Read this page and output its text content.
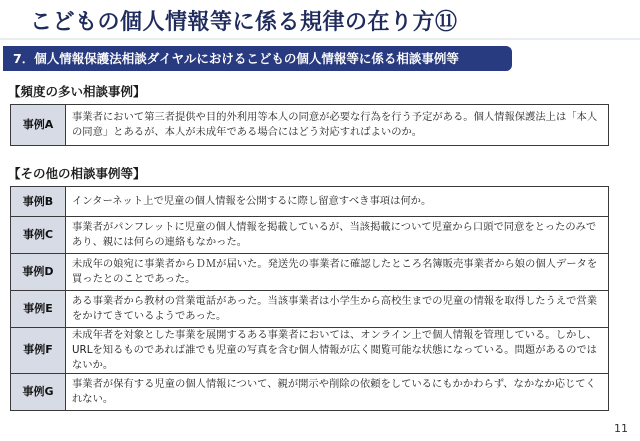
こどもの個人情報等に係る規律の在り方⑪
7．個人情報保護法相談ダイヤルにおけるこどもの個人情報等に係る相談事例等
【頻度の多い相談事例】
事例A	事業者において第三者提供や目的外利用等本人の同意が必要な行為を行う予定がある。個人情報保護法上は「本人の同意」とあるが、本人が未成年である場合にはどう対応すればよいのか。
【その他の相談事例等】
事例B	インターネット上で児童の個人情報を公開するに際し留意すべき事項は何か。
事例C	事業者がパンフレットに児童の個人情報を掲載しているが、当該掲載について児童から口頭で同意をとったのみであり、親には何らの連絡もなかった。
事例D	未成年の娘宛に事業者からＤＭが届いた。発送先の事業者に確認したところ名簿販売事業者から娘の個人データを買ったとのことであった。
事例E	ある事業者から教材の営業電話があった。当該事業者は小学生から高校生までの児童の情報を取得したうえで営業をかけてきているようであった。
事例F	未成年者を対象とした事業を展開するある事業者においては、オンライン上で個人情報を管理している。しかし、URLを知るものであれば誰でも児童の写真を含む個人情報が広く閲覧可能な状態になっている。問題があるのではないか。
事例G	事業者が保有する児童の個人情報について、親が開示や削除の依頼をしているにもかかわらず、なかなか応じてくれない。
11
